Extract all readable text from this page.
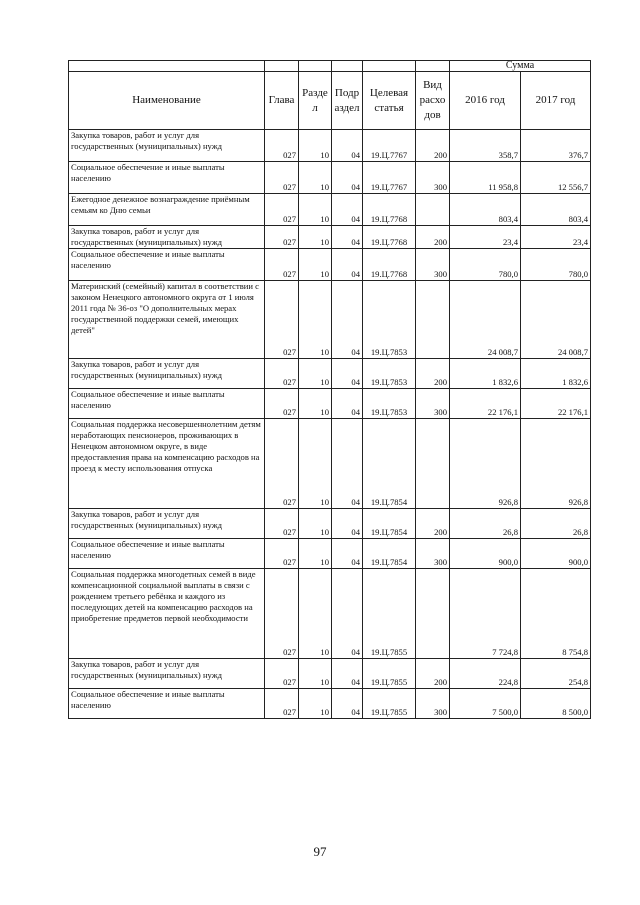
						Сумма	
Наименование	Глава	Разде л	Подр аздел	Целевая статья	Вид расхо дов	2016 год	2017 год
Закупка товаров, работ и услуг для государственных (муниципальных) нужд	027	10	04	19.Ц.7767	200	358,7	376,7
Социальное обеспечение и иные выплаты населению	027	10	04	19.Ц.7767	300	11 958,8	12 556,7
Ежегодное денежное вознаграждение приёмным семьям ко Дню семьи	027	10	04	19.Ц.7768		803,4	803,4
Закупка товаров, работ и услуг для государственных (муниципальных) нужд	027	10	04	19.Ц.7768	200	23,4	23,4
Социальное обеспечение и иные выплаты населению	027	10	04	19.Ц.7768	300	780,0	780,0
Материнский (семейный) капитал в соответствии с законом Ненецкого автономного округа от 1 июля 2011 года № 36-оз "О дополнительных мерах государственной поддержки семей, имеющих детей"	027	10	04	19.Ц.7853		24 008,7	24 008,7
Закупка товаров, работ и услуг для государственных (муниципальных) нужд	027	10	04	19.Ц.7853	200	1 832,6	1 832,6
Социальное обеспечение и иные выплаты населению	027	10	04	19.Ц.7853	300	22 176,1	22 176,1
Социальная поддержка несовершеннолетним детям неработающих пенсионеров, проживающих в Ненецком автономном округе, в виде предоставления права на компенсацию расходов на проезд к месту использования отпуска	027	10	04	19.Ц.7854		926,8	926,8
Закупка товаров, работ и услуг для государственных (муниципальных) нужд	027	10	04	19.Ц.7854	200	26,8	26,8
Социальное обеспечение и иные выплаты населению	027	10	04	19.Ц.7854	300	900,0	900,0
Социальная поддержка многодетных семей в виде компенсационной социальной выплаты в связи с рождением третьего ребёнка и каждого из последующих детей на компенсацию расходов на приобретение предметов первой необходимости	027	10	04	19.Ц.7855		7 724,8	8 754,8
Закупка товаров, работ и услуг для государственных (муниципальных) нужд	027	10	04	19.Ц.7855	200	224,8	254,8
Социальное обеспечение и иные выплаты населению	027	10	04	19.Ц.7855	300	7 500,0	8 500,0
97
